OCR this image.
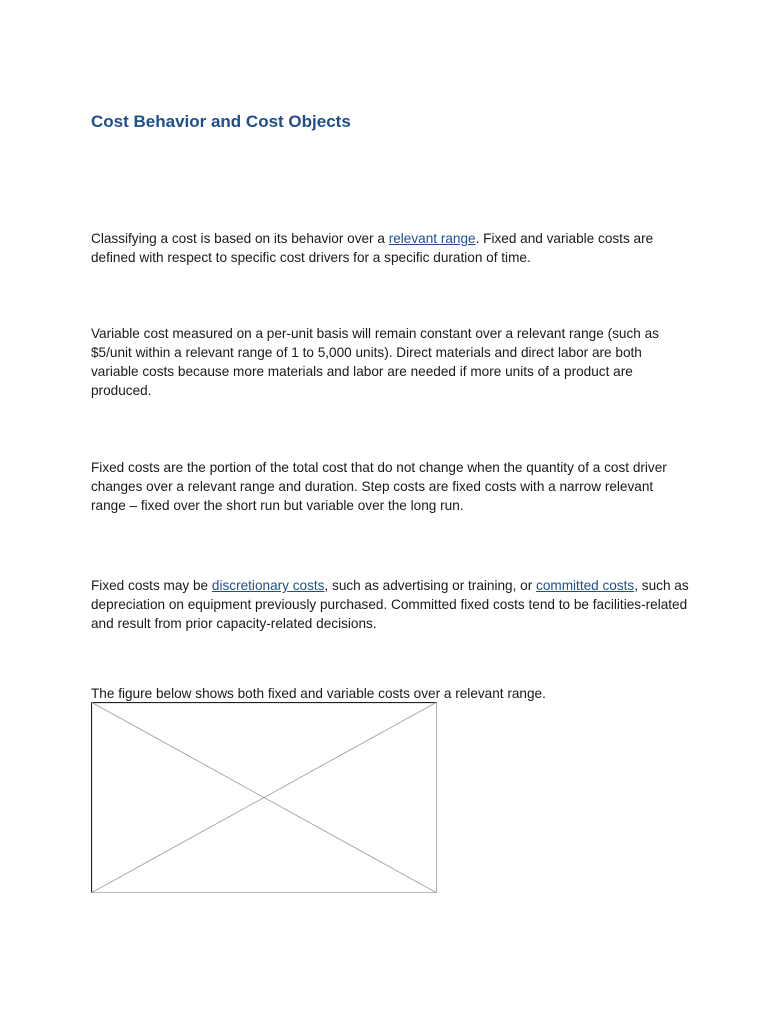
Cost Behavior and Cost Objects

Classifying a cost is based on its behavior over a relevant range. Fixed and variable costs are defined with respect to specific cost drivers for a specific duration of time.

Variable cost measured on a per-unit basis will remain constant over a relevant range (such as $5/unit within a relevant range of 1 to 5,000 units). Direct materials and direct labor are both variable costs because more materials and labor are needed if more units of a product are produced.

Fixed costs are the portion of the total cost that do not change when the quantity of a cost driver changes over a relevant range and duration. Step costs are fixed costs with a narrow relevant range – fixed over the short run but variable over the long run.

Fixed costs may be discretionary costs, such as advertising or training, or committed costs, such as depreciation on equipment previously purchased. Committed fixed costs tend to be facilities-related and result from prior capacity-related decisions.

The figure below shows both fixed and variable costs over a relevant range.
